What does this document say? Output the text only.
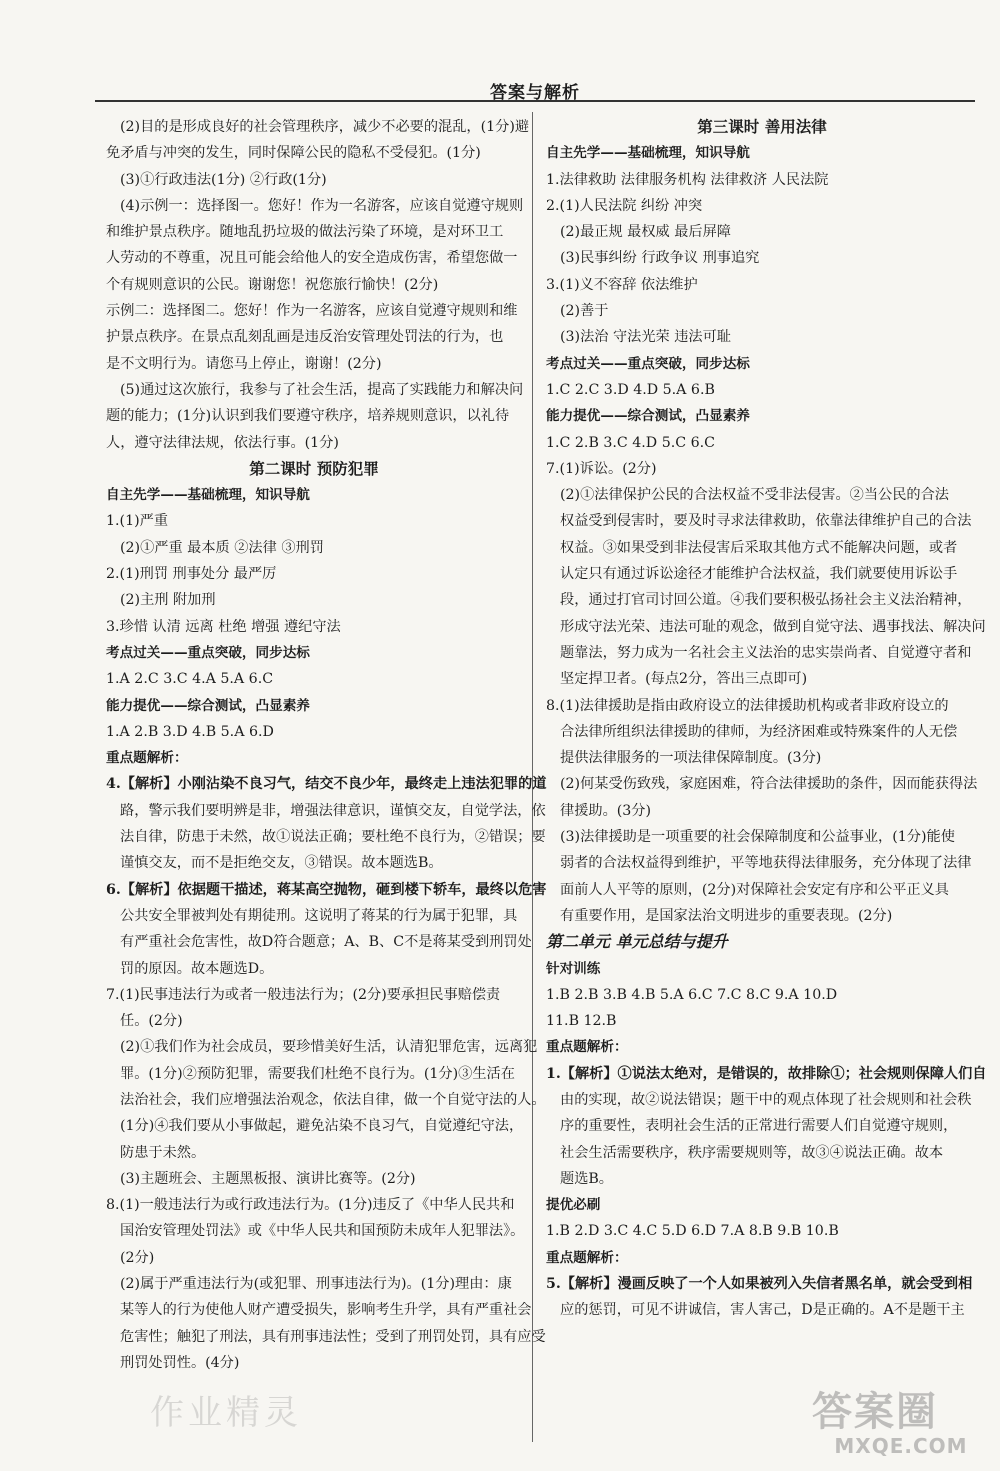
答案与解析
(2)目的是形成良好的社会管理秩序，减少不必要的混乱，(1分)避
免矛盾与冲突的发生，同时保障公民的隐私不受侵犯。(1分)
(3)①行政违法(1分) ②行政(1分)
(4)示例一：选择图一。您好！作为一名游客，应该自觉遵守规则
和维护景点秩序。随地乱扔垃圾的做法污染了环境，是对环卫工
人劳动的不尊重，况且可能会给他人的安全造成伤害，希望您做一
个有规则意识的公民。谢谢您！祝您旅行愉快！(2分)
示例二：选择图二。您好！作为一名游客，应该自觉遵守规则和维
护景点秩序。在景点乱刻乱画是违反治安管理处罚法的行为，也
是不文明行为。请您马上停止，谢谢！(2分)
(5)通过这次旅行，我参与了社会生活，提高了实践能力和解决问
题的能力；(1分)认识到我们要遵守秩序，培养规则意识，以礼待
人，遵守法律法规，依法行事。(1分)
第二课时 预防犯罪
自主先学——基础梳理，知识导航
1.(1)严重
(2)①严重 最本质 ②法律 ③刑罚
2.(1)刑罚 刑事处分 最严厉
(2)主刑 附加刑
3.珍惜 认清 远离 杜绝 增强 遵纪守法
考点过关——重点突破，同步达标
1.A 2.C 3.C 4.A 5.A 6.C
能力提优——综合测试，凸显素养
1.A 2.B 3.D 4.B 5.A 6.D
重点题解析：
4.【解析】小刚沾染不良习气，结交不良少年，最终走上违法犯罪的道
路，警示我们要明辨是非，增强法律意识，谨慎交友，自觉学法，依
法自律，防患于未然，故①说法正确；要杜绝不良行为，②错误；要
谨慎交友，而不是拒绝交友，③错误。故本题选B。
6.【解析】依据题干描述，蒋某高空抛物，砸到楼下轿车，最终以危害
公共安全罪被判处有期徒刑。这说明了蒋某的行为属于犯罪，具
有严重社会危害性，故D符合题意；A、B、C不是蒋某受到刑罚处
罚的原因。故本题选D。
7.(1)民事违法行为或者一般违法行为；(2分)要承担民事赔偿责
任。(2分)
(2)①我们作为社会成员，要珍惜美好生活，认清犯罪危害，远离犯
罪。(1分)②预防犯罪，需要我们杜绝不良行为。(1分)③生活在
法治社会，我们应增强法治观念，依法自律，做一个自觉守法的人。
(1分)④我们要从小事做起，避免沾染不良习气，自觉遵纪守法，
防患于未然。
(3)主题班会、主题黑板报、演讲比赛等。(2分)
8.(1)一般违法行为或行政违法行为。(1分)违反了《中华人民共和
国治安管理处罚法》或《中华人民共和国预防未成年人犯罪法》。
(2分)
(2)属于严重违法行为(或犯罪、刑事违法行为)。(1分)理由：康
某等人的行为使他人财产遭受损失，影响考生升学，具有严重社会
危害性；触犯了刑法，具有刑事违法性；受到了刑罚处罚，具有应受
刑罚处罚性。(4分)
第三课时 善用法律
自主先学——基础梳理，知识导航
1.法律救助 法律服务机构 法律救济 人民法院
2.(1)人民法院 纠纷 冲突
(2)最正规 最权威 最后屏障
(3)民事纠纷 行政争议 刑事追究
3.(1)义不容辞 依法维护
(2)善于
(3)法治 守法光荣 违法可耻
考点过关——重点突破，同步达标
1.C 2.C 3.D 4.D 5.A 6.B
能力提优——综合测试，凸显素养
1.C 2.B 3.C 4.D 5.C 6.C
7.(1)诉讼。(2分)
(2)①法律保护公民的合法权益不受非法侵害。②当公民的合法
权益受到侵害时，要及时寻求法律救助，依靠法律维护自己的合法
权益。③如果受到非法侵害后采取其他方式不能解决问题，或者
认定只有通过诉讼途径才能维护合法权益，我们就要使用诉讼手
段，通过打官司讨回公道。④我们要积极弘扬社会主义法治精神，
形成守法光荣、违法可耻的观念，做到自觉守法、遇事找法、解决问
题靠法，努力成为一名社会主义法治的忠实崇尚者、自觉遵守者和
坚定捍卫者。(每点2分，答出三点即可)
8.(1)法律援助是指由政府设立的法律援助机构或者非政府设立的
合法律所组织法律援助的律师，为经济困难或特殊案件的人无偿
提供法律服务的一项法律保障制度。(3分)
(2)何某受伤致残，家庭困难，符合法律援助的条件，因而能获得法
律援助。(3分)
(3)法律援助是一项重要的社会保障制度和公益事业，(1分)能使
弱者的合法权益得到维护，平等地获得法律服务，充分体现了法律
面前人人平等的原则，(2分)对保障社会安定有序和公平正义具
有重要作用，是国家法治文明进步的重要表现。(2分)
第二单元 单元总结与提升
针对训练
1.B 2.B 3.B 4.B 5.A 6.C 7.C 8.C 9.A 10.D
11.B 12.B
重点题解析：
1.【解析】①说法太绝对，是错误的，故排除①；社会规则保障人们自
由的实现，故②说法错误；题干中的观点体现了社会规则和社会秩
序的重要性，表明社会生活的正常进行需要人们自觉遵守规则，
社会生活需要秩序，秩序需要规则等，故③④说法正确。故本
题选B。
提优必刷
1.B 2.D 3.C 4.C 5.D 6.D 7.A 8.B 9.B 10.B
重点题解析：
5.【解析】漫画反映了一个人如果被列入失信者黑名单，就会受到相
应的惩罚，可见不讲诚信，害人害己，D是正确的。A不是题干主
作业精灵	答案圈
MXQE.COM
